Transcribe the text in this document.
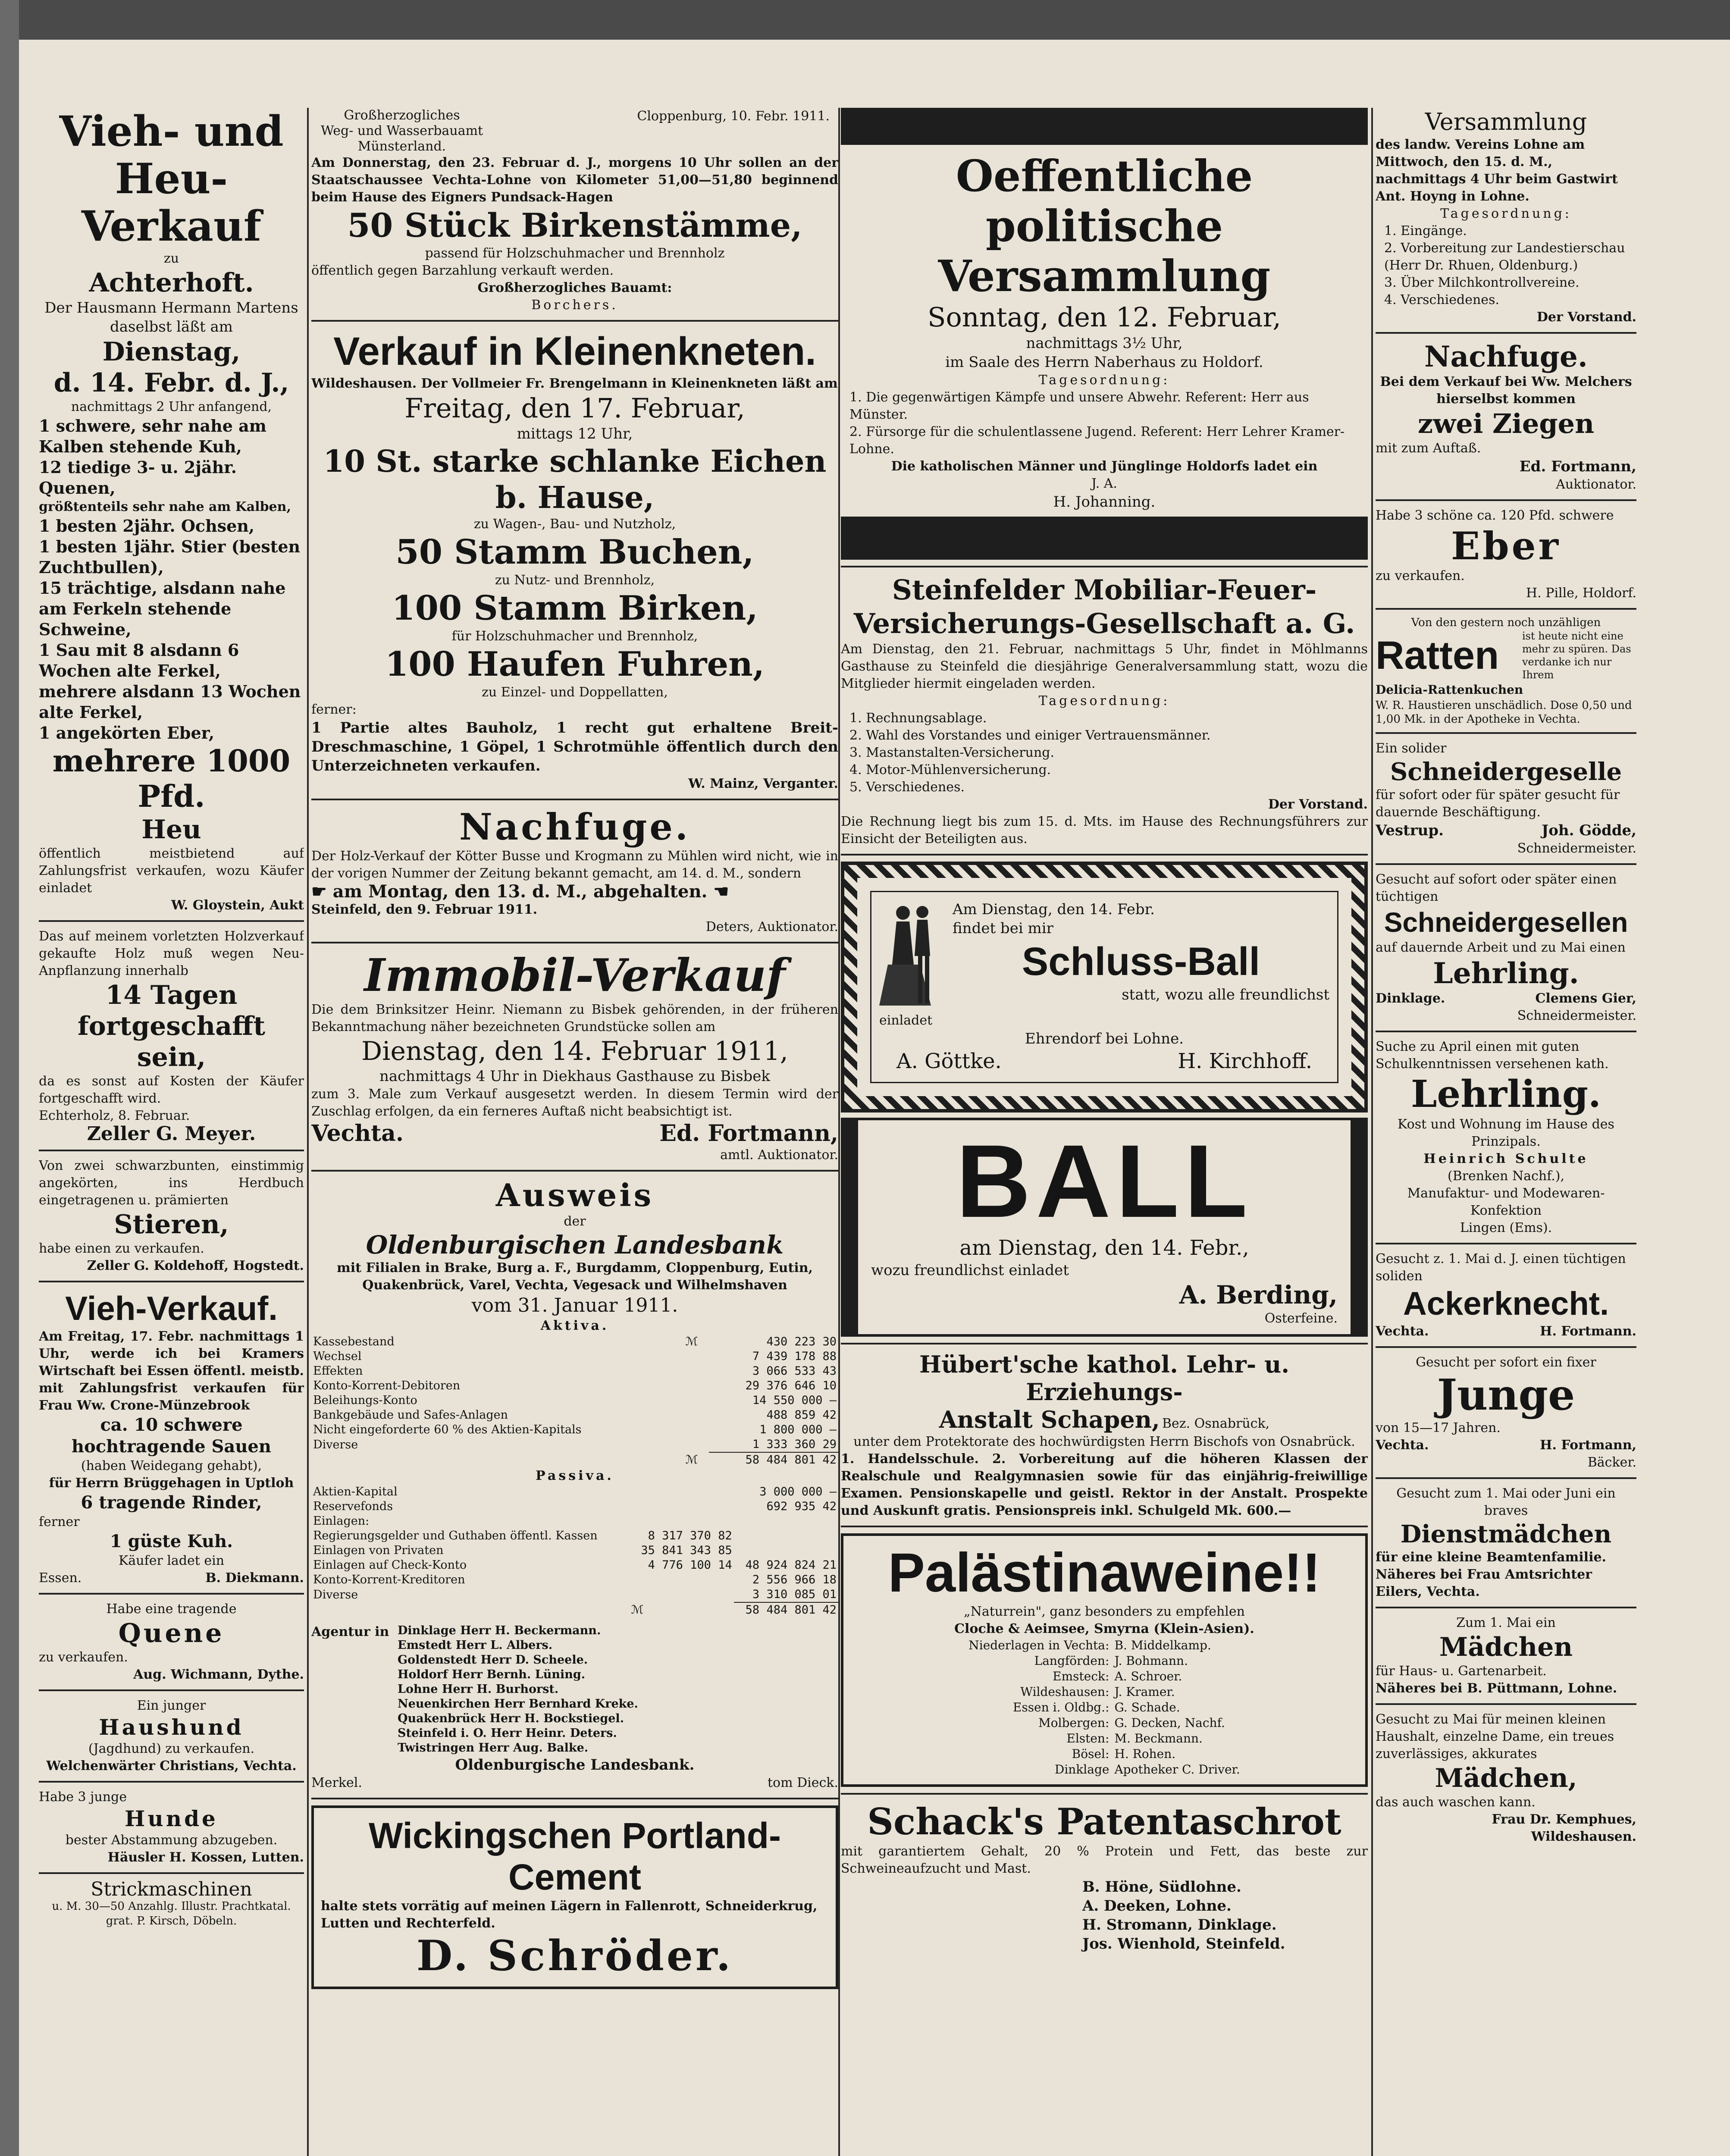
Vieh- und
Heu-Verkauf
zu
Achterhoft.
Der Hausmann Hermann Martens daselbst läßt am
Dienstag,
d. 14. Febr. d. J.,
nachmittags 2 Uhr anfangend,
1 schwere, sehr nahe am Kalben stehende Kuh,
12 tiedige 3- u. 2jähr. Quenen,
größtenteils sehr nahe am Kalben,
1 besten 2jähr. Ochsen,
1 besten 1jähr. Stier (besten Zuchtbullen),
15 trächtige, alsdann nahe am Ferkeln stehende Schweine,
1 Sau mit 8 alsdann 6 Wochen alte Ferkel,
mehrere alsdann 13 Wochen alte Ferkel,
1 angekörten Eber,
mehrere 1000 Pfd.
Heu
öffentlich meistbietend auf Zahlungsfrist verkaufen, wozu Käufer einladet
W. Gloystein, Aukt
Das auf meinem vorletzten Holzverkauf gekaufte Holz muß wegen Neu-Anpflanzung innerhalb
14 Tagen
fortgeschafft sein,
da es sonst auf Kosten der Käufer fortgeschafft wird.
Echterholz, 8. Februar.
Zeller G. Meyer.
Von zwei schwarzbunten, einstimmig angekörten, ins Herdbuch eingetragenen u. prämierten
Stieren,
habe einen zu verkaufen.
Zeller G. Koldehoff, Hogstedt.
Vieh-Verkauf.
Am Freitag, 17. Febr. nachmittags 1 Uhr, werde ich bei Kramers Wirtschaft bei Essen öffentl. meistb. mit Zahlungsfrist verkaufen für Frau Ww. Crone-Münzebrook
ca. 10 schwere hochtragende Sauen
(haben Weidegang gehabt),
für Herrn Brüggehagen in Uptloh
6 tragende Rinder,
ferner
1 güste Kuh.
Käufer ladet ein
Essen.	B. Diekmann.
Habe eine tragende
Quene
zu verkaufen.
Aug. Wichmann, Dythe.
Ein junger
Haushund
(Jagdhund) zu verkaufen.
Welchenwärter Christians, Vechta.
Habe 3 junge
Hunde
bester Abstammung abzugeben.
Häusler H. Kossen, Lutten.
Strickmaschinen
u. M. 30—50 Anzahlg. Illustr. Prachtkatal. grat. P. Kirsch, Döbeln.
Großherzogliches
Weg- und Wasserbauamt
Münsterland.
Cloppenburg, 10. Febr. 1911.
Am Donnerstag, den 23. Februar d. J., morgens 10 Uhr sollen an der Staatschaussee Vechta-Lohne von Kilometer 51,00—51,80 beginnend beim Hause des Eigners Pundsack-Hagen
50 Stück Birkenstämme,
passend für Holzschuhmacher und Brennholz
öffentlich gegen Barzahlung verkauft werden.
Großherzogliches Bauamt:
Borchers.
Verkauf in Kleinenkneten.
Wildeshausen. Der Vollmeier Fr. Brengelmann in Kleinenkneten läßt am
Freitag, den 17. Februar,
mittags 12 Uhr,
10 St. starke schlanke Eichen b. Hause,
zu Wagen-, Bau- und Nutzholz,
50 Stamm Buchen,
zu Nutz- und Brennholz,
100 Stamm Birken,
für Holzschuhmacher und Brennholz,
100 Haufen Fuhren,
zu Einzel- und Doppellatten,
ferner:
1 Partie altes Bauholz, 1 recht gut erhaltene Breit-Dreschmaschine, 1 Göpel, 1 Schrotmühle öffentlich durch den Unterzeichneten verkaufen.
W. Mainz, Verganter.
Nachfuge.
Der Holz-Verkauf der Kötter Busse und Krogmann zu Mühlen wird nicht, wie in der vorigen Nummer der Zeitung bekannt gemacht, am 14. d. M., sondern
☛ am Montag, den 13. d. M., abgehalten. ☚
Steinfeld, den 9. Februar 1911.
Deters, Auktionator.
Immobil-Verkauf
Die dem Brinksitzer Heinr. Niemann zu Bisbek gehörenden, in der früheren Bekanntmachung näher bezeichneten Grundstücke sollen am
Dienstag, den 14. Februar 1911,
nachmittags 4 Uhr in Diekhaus Gasthause zu Bisbek
zum 3. Male zum Verkauf ausgesetzt werden. In diesem Termin wird der Zuschlag erfolgen, da ein ferneres Auftaß nicht beabsichtigt ist.
Vechta.	Ed. Fortmann,
amtl. Auktionator.
Ausweis
der
Oldenburgischen Landesbank
mit Filialen in Brake, Burg a. F., Burgdamm, Cloppenburg, Eutin, Quakenbrück, Varel, Vechta, Vegesack und Wilhelmshaven
vom 31. Januar 1911.
Aktiva.
Kassebestand	ℳ	430 223 30
Wechsel		7 439 178 88
Effekten		3 066 533 43
Konto-Korrent-Debitoren		29 376 646 10
Beleihungs-Konto		14 550 000 —
Bankgebäude und Safes-Anlagen		488 859 42
Nicht eingeforderte 60 % des Aktien-Kapitals		1 800 000 —
Diverse		1 333 360 29
	ℳ	58 484 801 42
Passiva.
Aktien-Kapital		3 000 000 —
Reservefonds		692 935 42
Einlagen:		
Regierungsgelder und Guthaben öffentl. Kassen	8 317 370 82	
Einlagen von Privaten	35 841 343 85	
Einlagen auf Check-Konto	4 776 100 14	48 924 824 21
Konto-Korrent-Kreditoren		2 556 966 18
Diverse		3 310 085 01
	ℳ	58 484 801 42
Agentur in Dinklage Herr H. Beckermann.
Emstedt Herr L. Albers.
Goldenstedt Herr D. Scheele.
Holdorf Herr Bernh. Lüning.
Lohne Herr H. Burhorst.
Neuenkirchen Herr Bernhard Kreke.
Quakenbrück Herr H. Bockstiegel.
Steinfeld i. O. Herr Heinr. Deters.
Twistringen Herr Aug. Balke.
Oldenburgische Landesbank.
Merkel.	tom Dieck.
Wickingschen Portland-Cement
halte stets vorrätig auf meinen Lägern in Fallenrott, Schneiderkrug, Lutten und Rechterfeld.
D. Schröder.
Oeffentliche politische
Versammlung
Sonntag, den 12. Februar,
nachmittags 3½ Uhr,
im Saale des Herrn Naberhaus zu Holdorf.
Tagesordnung:
1. Die gegenwärtigen Kämpfe und unsere Abwehr. Referent: Herr aus Münster.
2. Fürsorge für die schulentlassene Jugend. Referent: Herr Lehrer Kramer-Lohne.
Die katholischen Männer und Jünglinge Holdorfs ladet ein
J. A.
H. Johanning.
Steinfelder Mobiliar-Feuer-
Versicherungs-Gesellschaft a. G.
Am Dienstag, den 21. Februar, nachmittags 5 Uhr, findet in Möhlmanns Gasthause zu Steinfeld die diesjährige Generalversammlung statt, wozu die Mitglieder hiermit eingeladen werden.
Tagesordnung:
1. Rechnungsablage.
2. Wahl des Vorstandes und einiger Vertrauensmänner.
3. Mastanstalten-Versicherung.
4. Motor-Mühlenversicherung.
5. Verschiedenes.
Der Vorstand.
Die Rechnung liegt bis zum 15. d. Mts. im Hause des Rechnungsführers zur Einsicht der Beteiligten aus.
Am Dienstag, den 14. Febr.
findet bei mir
Schluss-Ball
statt, wozu alle freundlichst
einladet
Ehrendorf bei Lohne.
A. Göttke.	H. Kirchhoff.
BALL
am Dienstag, den 14. Febr.,
wozu freundlichst einladet
A. Berding,
Osterfeine.
Hübert'sche kathol. Lehr- u. Erziehungs-
Anstalt Schapen, Bez. Osnabrück,
unter dem Protektorate des hochwürdigsten Herrn Bischofs von Osnabrück.
1. Handelsschule. 2. Vorbereitung auf die höheren Klassen der Realschule und Realgymnasien sowie für das einjährig-freiwillige Examen. Pensionskapelle und geistl. Rektor in der Anstalt. Prospekte und Auskunft gratis. Pensionspreis inkl. Schulgeld Mk. 600.—
Palästinaweine!!
„Naturrein", ganz besonders zu empfehlen
Cloche & Aeimsee, Smyrna (Klein-Asien).
Niederlagen in Vechta:	B. Middelkamp.
Langförden:	J. Bohmann.
Emsteck:	A. Schroer.
Wildeshausen:	J. Kramer.
Essen i. Oldbg.:	G. Schade.
Molbergen:	G. Decken, Nachf.
Elsten:	M. Beckmann.
Bösel:	H. Rohen.
Dinklage	Apotheker C. Driver.
Schack's Patentaschrot
mit garantiertem Gehalt, 20 % Protein und Fett, das beste zur Schweineaufzucht und Mast.
B. Höne, Südlohne.
A. Deeken, Lohne.
H. Stromann, Dinklage.
Jos. Wienhold, Steinfeld.
Versammlung
des landw. Vereins Lohne am Mittwoch, den 15. d. M., nachmittags 4 Uhr beim Gastwirt Ant. Hoyng in Lohne.
Tagesordnung:
1. Eingänge.
2. Vorbereitung zur Landestierschau (Herr Dr. Rhuen, Oldenburg.)
3. Über Milchkontrollvereine.
4. Verschiedenes.
Der Vorstand.
Nachfuge.
Bei dem Verkauf bei Ww. Melchers hierselbst kommen
zwei Ziegen
mit zum Auftaß.
Ed. Fortmann,
Auktionator.
Habe 3 schöne ca. 120 Pfd. schwere
Eber
zu verkaufen.
H. Pille, Holdorf.
Von den gestern noch unzähligen
Ratten	ist heute nicht eine mehr zu spüren. Das verdanke ich nur Ihrem
Delicia-Rattenkuchen
W. R. Haustieren unschädlich. Dose 0,50 und 1,00 Mk. in der Apotheke in Vechta.
Ein solider
Schneidergeselle
für sofort oder für später gesucht für dauernde Beschäftigung.
Vestrup.	Joh. Gödde,
Schneidermeister.
Gesucht auf sofort oder später einen tüchtigen
Schneidergesellen
auf dauernde Arbeit und zu Mai einen
Lehrling.
Dinklage.	Clemens Gier,
Schneidermeister.
Suche zu April einen mit guten Schulkenntnissen versehenen kath.
Lehrling.
Kost und Wohnung im Hause des Prinzipals.
Heinrich Schulte
(Brenken Nachf.),
Manufaktur- und Modewaren-Konfektion
Lingen (Ems).
Gesucht z. 1. Mai d. J. einen tüchtigen soliden
Ackerknecht.
Vechta.	H. Fortmann.
Gesucht per sofort ein fixer
Junge
von 15—17 Jahren.
Vechta.	H. Fortmann,
Bäcker.
Gesucht zum 1. Mai oder Juni ein braves
Dienstmädchen
für eine kleine Beamtenfamilie. Näheres bei Frau Amtsrichter Eilers, Vechta.
Zum 1. Mai ein
Mädchen
für Haus- u. Gartenarbeit.
Näheres bei B. Püttmann, Lohne.
Gesucht zu Mai für meinen kleinen Haushalt, einzelne Dame, ein treues zuverlässiges, akkurates
Mädchen,
das auch waschen kann.
Frau Dr. Kemphues,
Wildeshausen.
